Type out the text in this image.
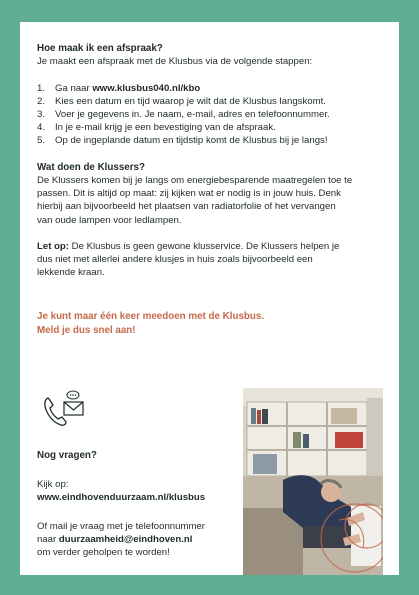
Hoe maak ik een afspraak?

Je maakt een afspraak met de Klusbus via de volgende stappen:

1.	Ga naar www.klusbus040.nl/kbo
2.	Kies een datum en tijd waarop je wilt dat de Klusbus langskomt.
3.	Voer je gegevens in. Je naam, e-mail, adres en telefoonnummer.
4.	In je e-mail krijg je een bevestiging van de afspraak.
5.	Op de ingeplande datum en tijdstip komt de Klusbus bij je langs!
Wat doen de Klussers?

De Klussers komen bij je langs om energiebesparende maatregelen toe te

passen. Dit is altijd op maat: zij kijken wat er nodig is in jouw huis. Denk

hierbij aan bijvoorbeeld het plaatsen van radiatorfolie of het vervangen

van oude lampen voor ledlampen.

Let op: De Klusbus is geen gewone klusservice. De Klussers helpen je

dus niet met allerlei andere klusjes in huis zoals bijvoorbeeld een

lekkende kraan.

Je kunt maar één keer meedoen met de Klusbus.

Meld je dus snel aan!

Nog vragen?
Kijk op:
www.eindhovenduurzaam.nl/klusbus
Of mail je vraag met je telefoonnummer
naar duurzaamheid@eindhoven.nl
om verder geholpen te worden!
